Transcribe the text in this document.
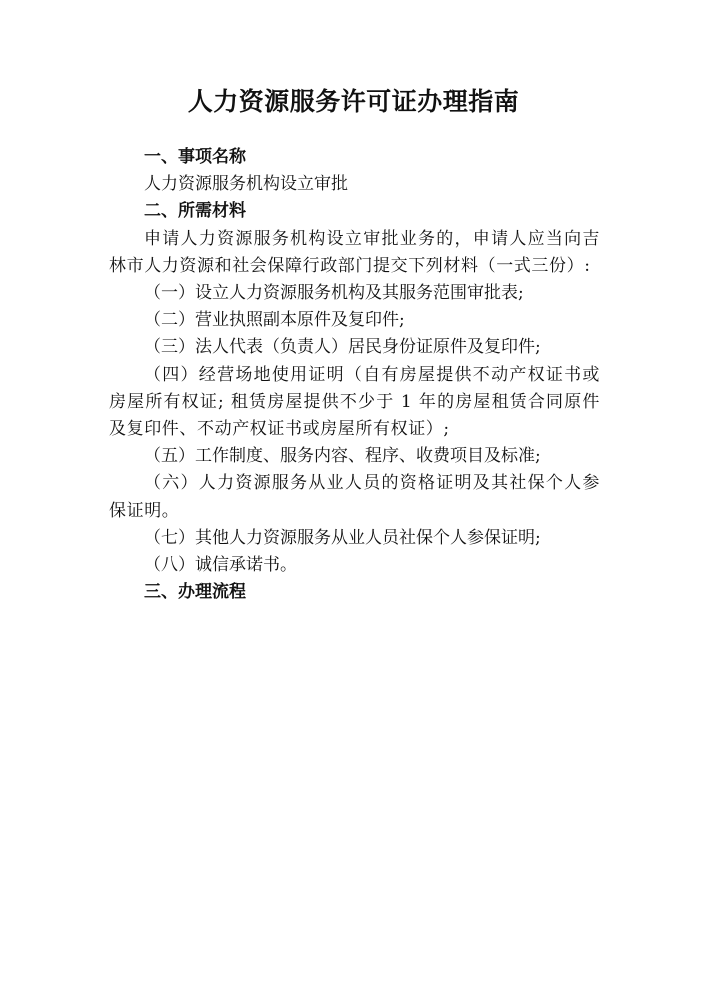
人力资源服务许可证办理指南

一、事项名称

人力资源服务机构设立审批

二、所需材料

申请人力资源服务机构设立审批业务的，申请人应当向吉林市人力资源和社会保障行政部门提交下列材料（一式三份）:

（一）设立人力资源服务机构及其服务范围审批表;

（二）营业执照副本原件及复印件;

（三）法人代表（负责人）居民身份证原件及复印件;

（四）经营场地使用证明（自有房屋提供不动产权证书或房屋所有权证; 租赁房屋提供不少于 1 年的房屋租赁合同原件及复印件、不动产权证书或房屋所有权证）;

（五）工作制度、服务内容、程序、收费项目及标准;

（六）人力资源服务从业人员的资格证明及其社保个人参保证明。

（七）其他人力资源服务从业人员社保个人参保证明;

（八）诚信承诺书。

三、办理流程
